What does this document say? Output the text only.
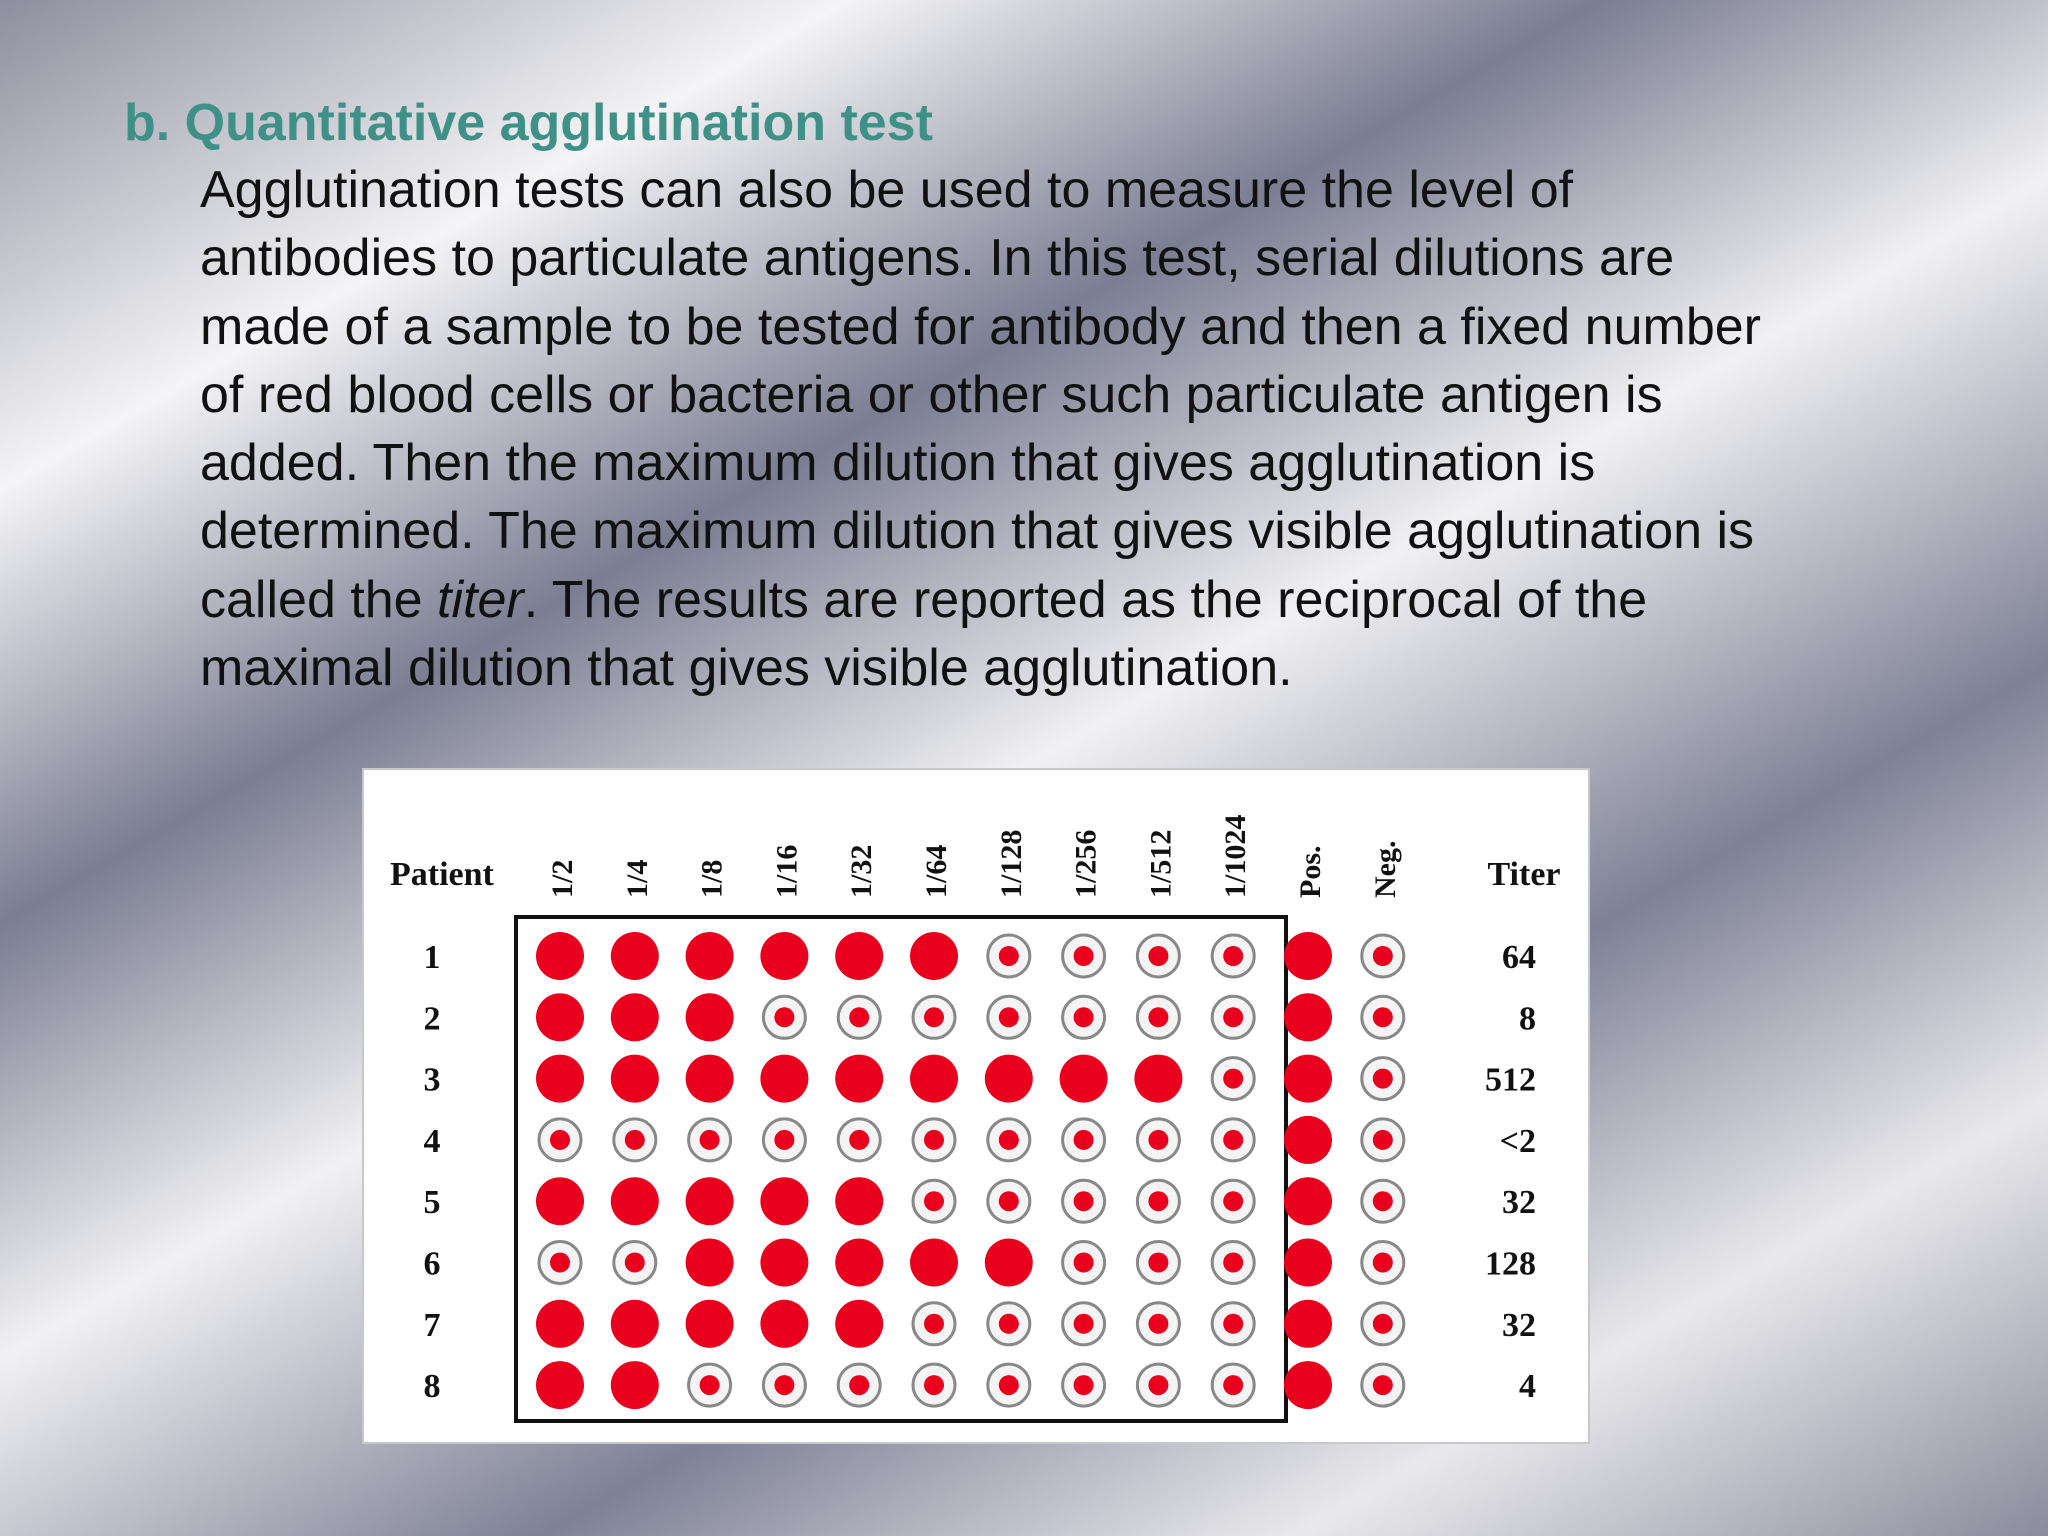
b. Quantitative agglutination test
Agglutination tests can also be used to measure the level of
antibodies to particulate antigens. In this test, serial dilutions are
made of a sample to be tested for antibody and then a fixed number
of red blood cells or bacteria or other such particulate antigen is
added. Then the maximum dilution that gives agglutination is
determined. The maximum dilution that gives visible agglutination is
called the titer. The results are reported as the reciprocal of the
maximal dilution that gives visible agglutination.
Patient	Titer
1/2 1/4 1/8 1/16 1/32 1/64 1/128 1/256 1/512 1/1024 Pos. Neg.
1
2
3
4
5
6
7
8
64
8
512
<2
32
128
32
4
